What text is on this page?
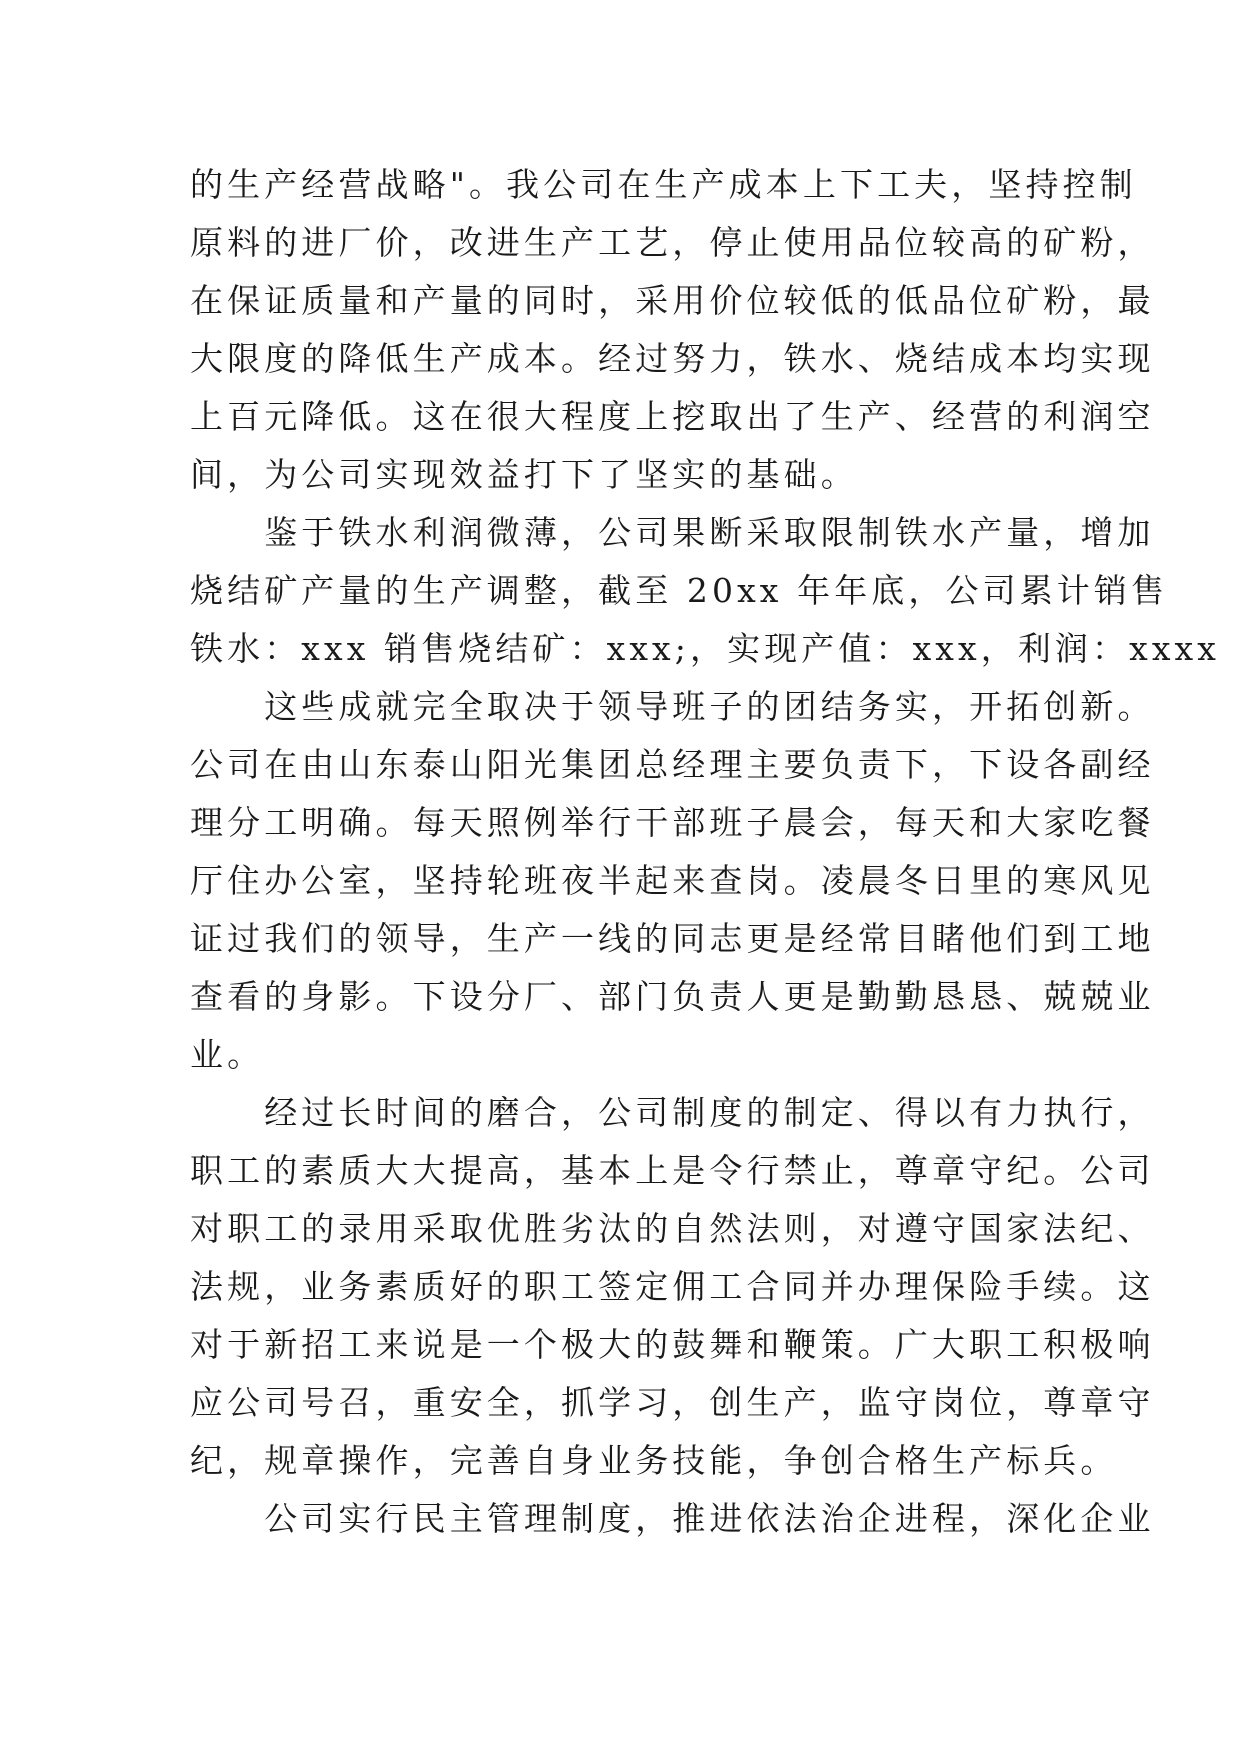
的生产经营战略"。我公司在生产成本上下工夫，坚持控制
原料的进厂价，改进生产工艺，停止使用品位较高的矿粉，
在保证质量和产量的同时，采用价位较低的低品位矿粉，最
大限度的降低生产成本。经过努力，铁水、烧结成本均实现
上百元降低。这在很大程度上挖取出了生产、经营的利润空
间，为公司实现效益打下了坚实的基础。
　　鉴于铁水利润微薄，公司果断采取限制铁水产量，增加
烧结矿产量的生产调整，截至 20xx 年年底，公司累计销售
铁水：xxx 销售烧结矿：xxx;，实现产值：xxx，利润：xxxx
　　这些成就完全取决于领导班子的团结务实，开拓创新。
公司在由山东泰山阳光集团总经理主要负责下，下设各副经
理分工明确。每天照例举行干部班子晨会，每天和大家吃餐
厅住办公室，坚持轮班夜半起来查岗。凌晨冬日里的寒风见
证过我们的领导，生产一线的同志更是经常目睹他们到工地
查看的身影。下设分厂、部门负责人更是勤勤恳恳、兢兢业
业。
　　经过长时间的磨合，公司制度的制定、得以有力执行，
职工的素质大大提高，基本上是令行禁止，尊章守纪。公司
对职工的录用采取优胜劣汰的自然法则，对遵守国家法纪、
法规，业务素质好的职工签定佣工合同并办理保险手续。这
对于新招工来说是一个极大的鼓舞和鞭策。广大职工积极响
应公司号召，重安全，抓学习，创生产，监守岗位，尊章守
纪，规章操作，完善自身业务技能，争创合格生产标兵。
　　公司实行民主管理制度，推进依法治企进程，深化企业
